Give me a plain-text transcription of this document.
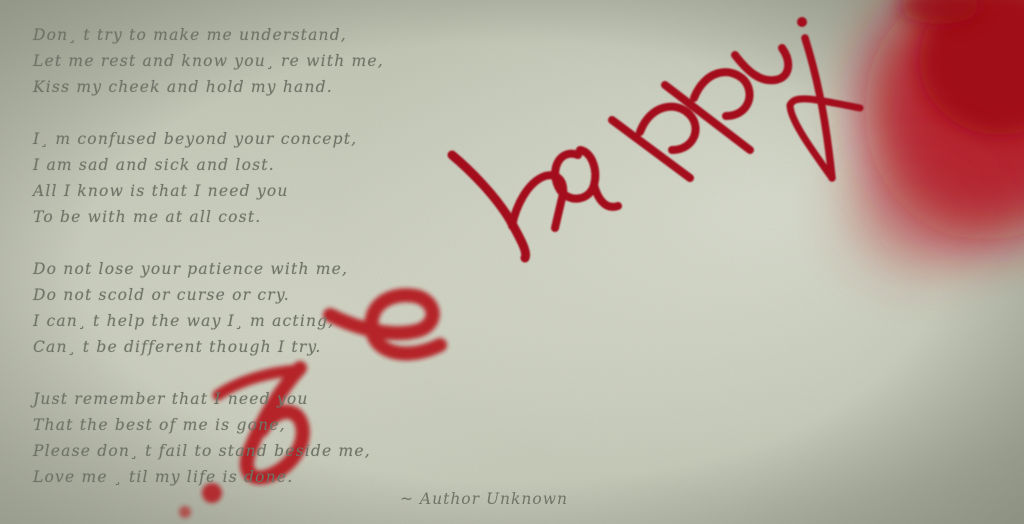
Don¸ t try to make me understand,
Let me rest and know you¸ re with me,
Kiss my cheek and hold my hand.
I¸ m confused beyond your concept,
I am sad and sick and lost.
All I know is that I need you
To be with me at all cost.
Do not lose your patience with me,
Do not scold or curse or cry.
I can¸ t help the way I¸ m acting,
Can¸ t be different though I try.
Just remember that I need you
That the best of me is gone,
Please don¸ t fail to stand beside me,
Love me ¸ til my life is done.
~ Author Unknown
